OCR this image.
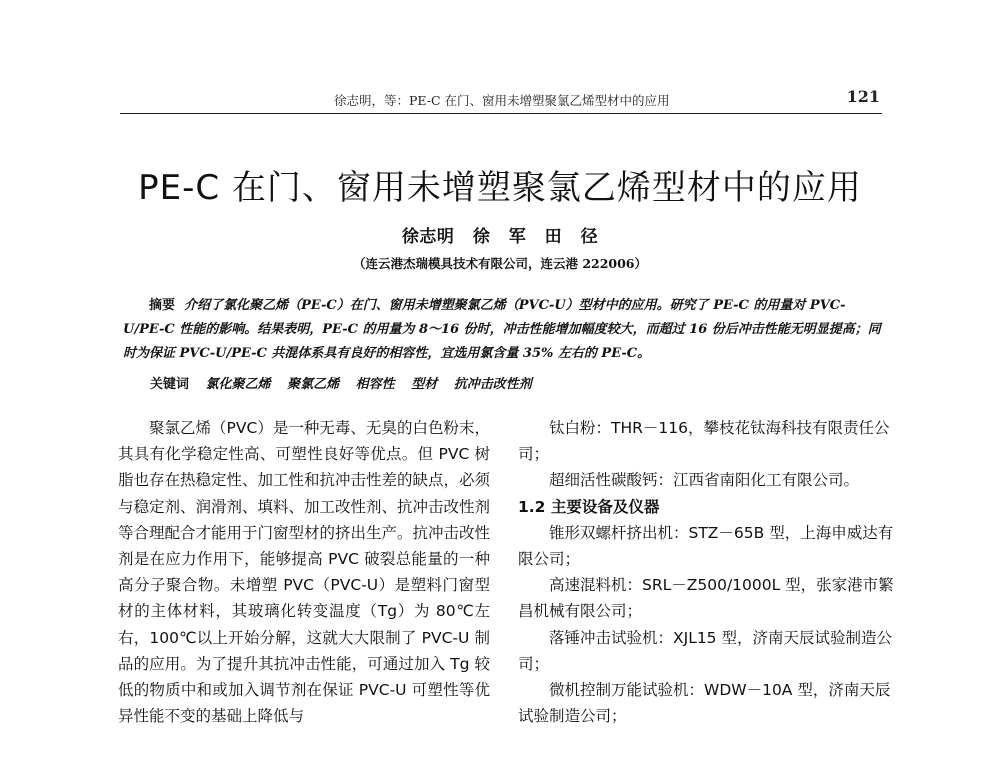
徐志明，等：PE-C 在门、窗用未增塑聚氯乙烯型材中的应用	121
PE-C 在门、窗用未增塑聚氯乙烯型材中的应用
徐志明 徐 军 田 径
（连云港杰瑞模具技术有限公司，连云港 222006）

摘要 介绍了氯化聚乙烯（PE-C）在门、窗用未增塑聚氯乙烯（PVC-U）型材中的应用。研究了 PE-C 的用量对 PVC-U/PE-C 性能的影响。结果表明，PE-C 的用量为 8～16 份时，冲击性能增加幅度较大，而超过 16 份后冲击性能无明显提高；同时为保证 PVC-U/PE-C 共混体系具有良好的相容性，宜选用氯含量 35% 左右的 PE-C。

关键词 氯化聚乙烯 聚氯乙烯 相容性 型材 抗冲击改性剂

聚氯乙烯（PVC）是一种无毒、无臭的白色粉末，其具有化学稳定性高、可塑性良好等优点。但 PVC 树脂也存在热稳定性、加工性和抗冲击性差的缺点，必须与稳定剂、润滑剂、填料、加工改性剂、抗冲击改性剂等合理配合才能用于门窗型材的挤出生产。抗冲击改性剂是在应力作用下，能够提高 PVC 破裂总能量的一种高分子聚合物。未增塑 PVC（PVC-U）是塑料门窗型材的主体材料，其玻璃化转变温度（Tg）为 80℃左右，100℃以上开始分解，这就大大限制了 PVC-U 制品的应用。为了提升其抗冲击性能，可通过加入 Tg 较低的物质中和或加入调节剂在保证 PVC-U 可塑性等优异性能不变的基础上降低与

钛白粉：THR－116，攀枝花钛海科技有限责任公司；

超细活性碳酸钙：江西省南阳化工有限公司。

1.2 主要设备及仪器

锥形双螺杆挤出机：STZ－65B 型，上海申威达有限公司；

高速混料机：SRL－Z500/1000L 型，张家港市繁昌机械有限公司；

落锤冲击试验机：XJL15 型，济南天辰试验制造公司；

微机控制万能试验机：WDW－10A 型，济南天辰试验制造公司；
